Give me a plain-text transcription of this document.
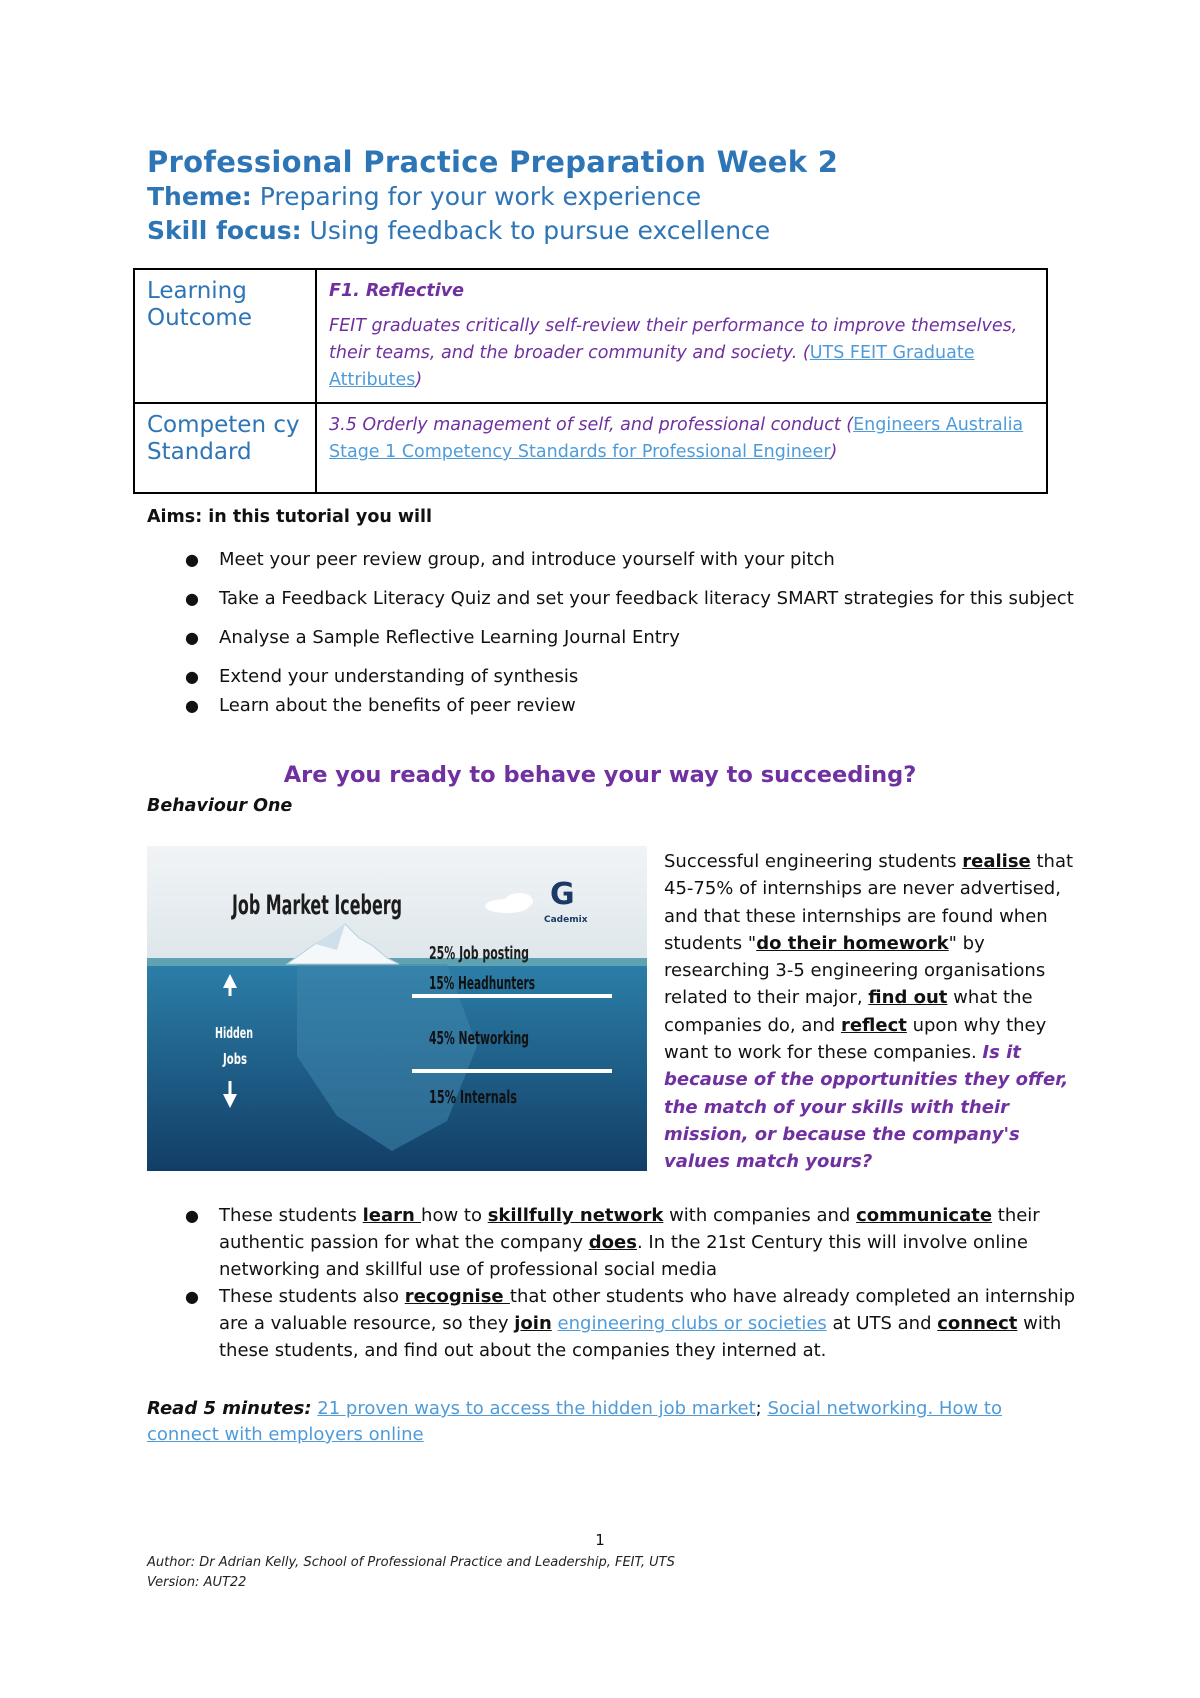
Professional Practice Preparation Week 2

Theme: Preparing for your work experience

Skill focus: Using feedback to pursue excellence

Learning Outcome	F1. Reflective

FEIT graduates critically self-review their performance to improve themselves, their teams, and the broader community and society. (UTS FEIT Graduate Attributes)

Competen cy Standard	3.5 Orderly management of self, and professional conduct (Engineers Australia Stage 1 Competency Standards for Professional Engineer)

Aims: in this tutorial you will

● Meet your peer review group, and introduce yourself with your pitch
● Take a Feedback Literacy Quiz and set your feedback literacy SMART strategies for this subject
● Analyse a Sample Reflective Learning Journal Entry
● Extend your understanding of synthesis
● Learn about the benefits of peer review

Are you ready to behave your way to succeeding?

Behaviour One

Job Market Iceberg	G
Cademix
25% Job posting
15% Headhunters
45% Networking
15% Internals
Hidden
Jobs

Successful engineering students realise that 45-75% of internships are never advertised, and that these internships are found when students "do their homework" by researching 3-5 engineering organisations related to their major, find out what the companies do, and reflect upon why they want to work for these companies. Is it because of the opportunities they offer, the match of your skills with their mission, or because the company's values match yours?

● These students learn how to skillfully network with companies and communicate their authentic passion for what the company does. In the 21st Century this will involve online networking and skillful use of professional social media
● These students also recognise that other students who have already completed an internship are a valuable resource, so they join engineering clubs or societies at UTS and connect with these students, and find out about the companies they interned at.

Read 5 minutes: 21 proven ways to access the hidden job market; Social networking. How to connect with employers online

1

Author: Dr Adrian Kelly, School of Professional Practice and Leadership, FEIT, UTS

Version: AUT22
